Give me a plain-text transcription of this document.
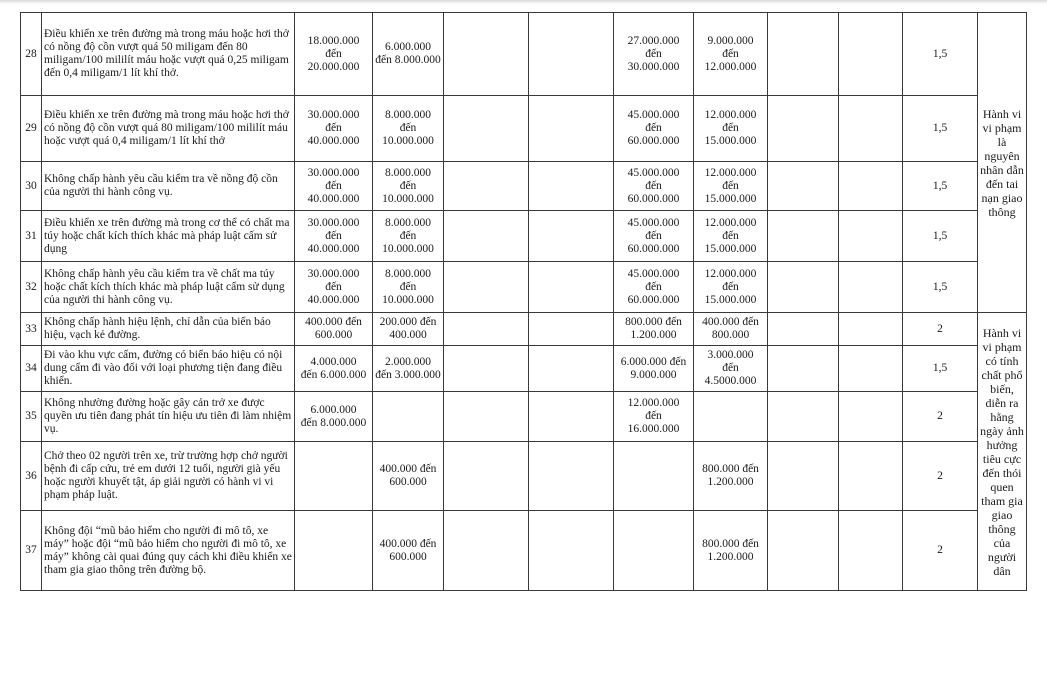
28	Điều khiển xe trên đường mà trong máu hoặc hơi thở có nồng độ cồn vượt quá 50 miligam đến 80 miligam/100 mililít máu hoặc vượt quá 0,25 miligam đến 0,4 miligam/1 lít khí thở.	18.000.000
đến
20.000.000	6.000.000
đến 8.000.000			27.000.000
đến
30.000.000	9.000.000
đến
12.000.000			1,5	Hành vi vi phạm là nguyên nhân dẫn đến tai nạn giao thông
29	Điều khiển xe trên đường mà trong máu hoặc hơi thở có nồng độ cồn vượt quá 80 miligam/100 mililít máu hoặc vượt quá 0,4 miligam/1 lít khí thở	30.000.000
đến
40.000.000	8.000.000
đến
10.000.000			45.000.000
đến
60.000.000	12.000.000
đến
15.000.000			1,5	
30	Không chấp hành yêu cầu kiểm tra về nồng độ cồn của người thi hành công vụ.	30.000.000
đến
40.000.000	8.000.000
đến
10.000.000			45.000.000
đến
60.000.000	12.000.000
đến
15.000.000			1,5	
31	Điều khiển xe trên đường mà trong cơ thể có chất ma túy hoặc chất kích thích khác mà pháp luật cấm sử dụng	30.000.000
đến
40.000.000	8.000.000
đến
10.000.000			45.000.000
đến
60.000.000	12.000.000
đến
15.000.000			1,5	
32	Không chấp hành yêu cầu kiểm tra về chất ma túy hoặc chất kích thích khác mà pháp luật cấm sử dụng của người thi hành công vụ.	30.000.000
đến
40.000.000	8.000.000
đến
10.000.000			45.000.000
đến
60.000.000	12.000.000
đến
15.000.000			1,5	
33	Không chấp hành hiệu lệnh, chỉ dẫn của biển báo hiệu, vạch kẻ đường.	400.000 đến
600.000	200.000 đến
400.000			800.000 đến
1.200.000	400.000 đến
800.000			2	Hành vi vi phạm có tính chất phổ biến, diễn ra hằng ngày ảnh hưởng tiêu cực đến thói quen tham gia giao thông của người dân
34	Đi vào khu vực cấm, đường có biển báo hiệu có nội dung cấm đi vào đối với loại phương tiện đang điều khiển.	4.000.000
đến 6.000.000	2.000.000
đến 3.000.000			6.000.000 đến
9.000.000	3.000.000
đến
4.5000.000			1,5	
35	Không nhường đường hoặc gây cản trở xe được quyền ưu tiên đang phát tín hiệu ưu tiên đi làm nhiệm vụ.	6.000.000
đến 8.000.000				12.000.000
đến
16.000.000				2	
36	Chở theo 02 người trên xe, trừ trường hợp chở người bệnh đi cấp cứu, trẻ em dưới 12 tuổi, người già yếu hoặc người khuyết tật, áp giải người có hành vi vi phạm pháp luật.		400.000 đến
600.000				800.000 đến
1.200.000			2	
37	Không đội “mũ bảo hiểm cho người đi mô tô, xe máy” hoặc đội “mũ bảo hiểm cho người đi mô tô, xe máy” không cài quai đúng quy cách khi điều khiển xe tham gia giao thông trên đường bộ.		400.000 đến
600.000				800.000 đến
1.200.000			2	
